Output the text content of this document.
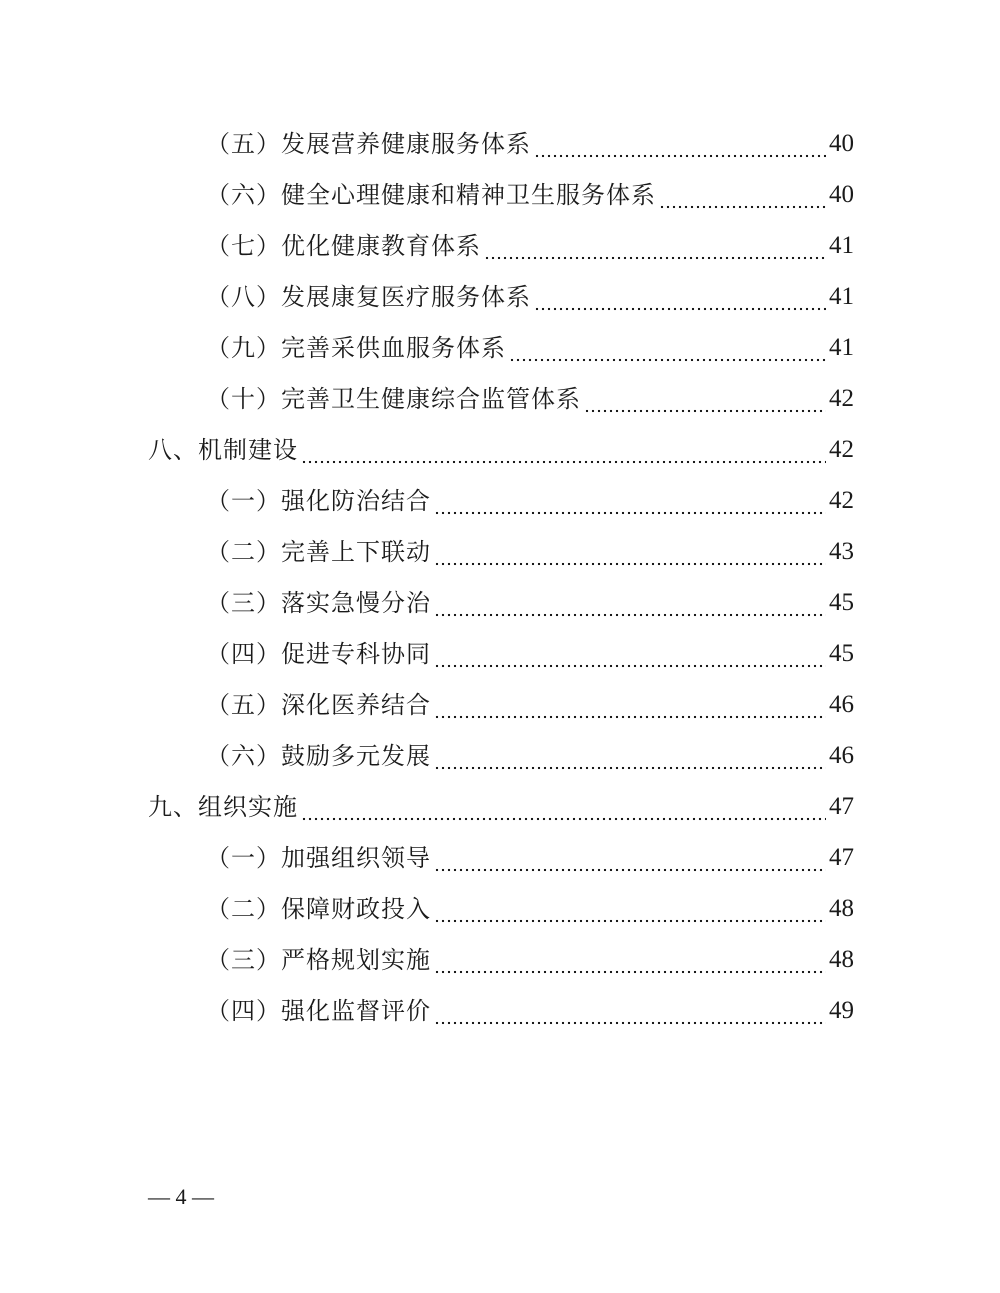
（五）发展营养健康服务体系	40
（六）健全心理健康和精神卫生服务体系	40
（七）优化健康教育体系	41
（八）发展康复医疗服务体系	41
（九）完善采供血服务体系	41
（十）完善卫生健康综合监管体系	42
八、机制建设	42
（一）强化防治结合	42
（二）完善上下联动	43
（三）落实急慢分治	45
（四）促进专科协同	45
（五）深化医养结合	46
（六）鼓励多元发展	46
九、组织实施	47
（一）加强组织领导	47
（二）保障财政投入	48
（三）严格规划实施	48
（四）强化监督评价	49
— 4 —
